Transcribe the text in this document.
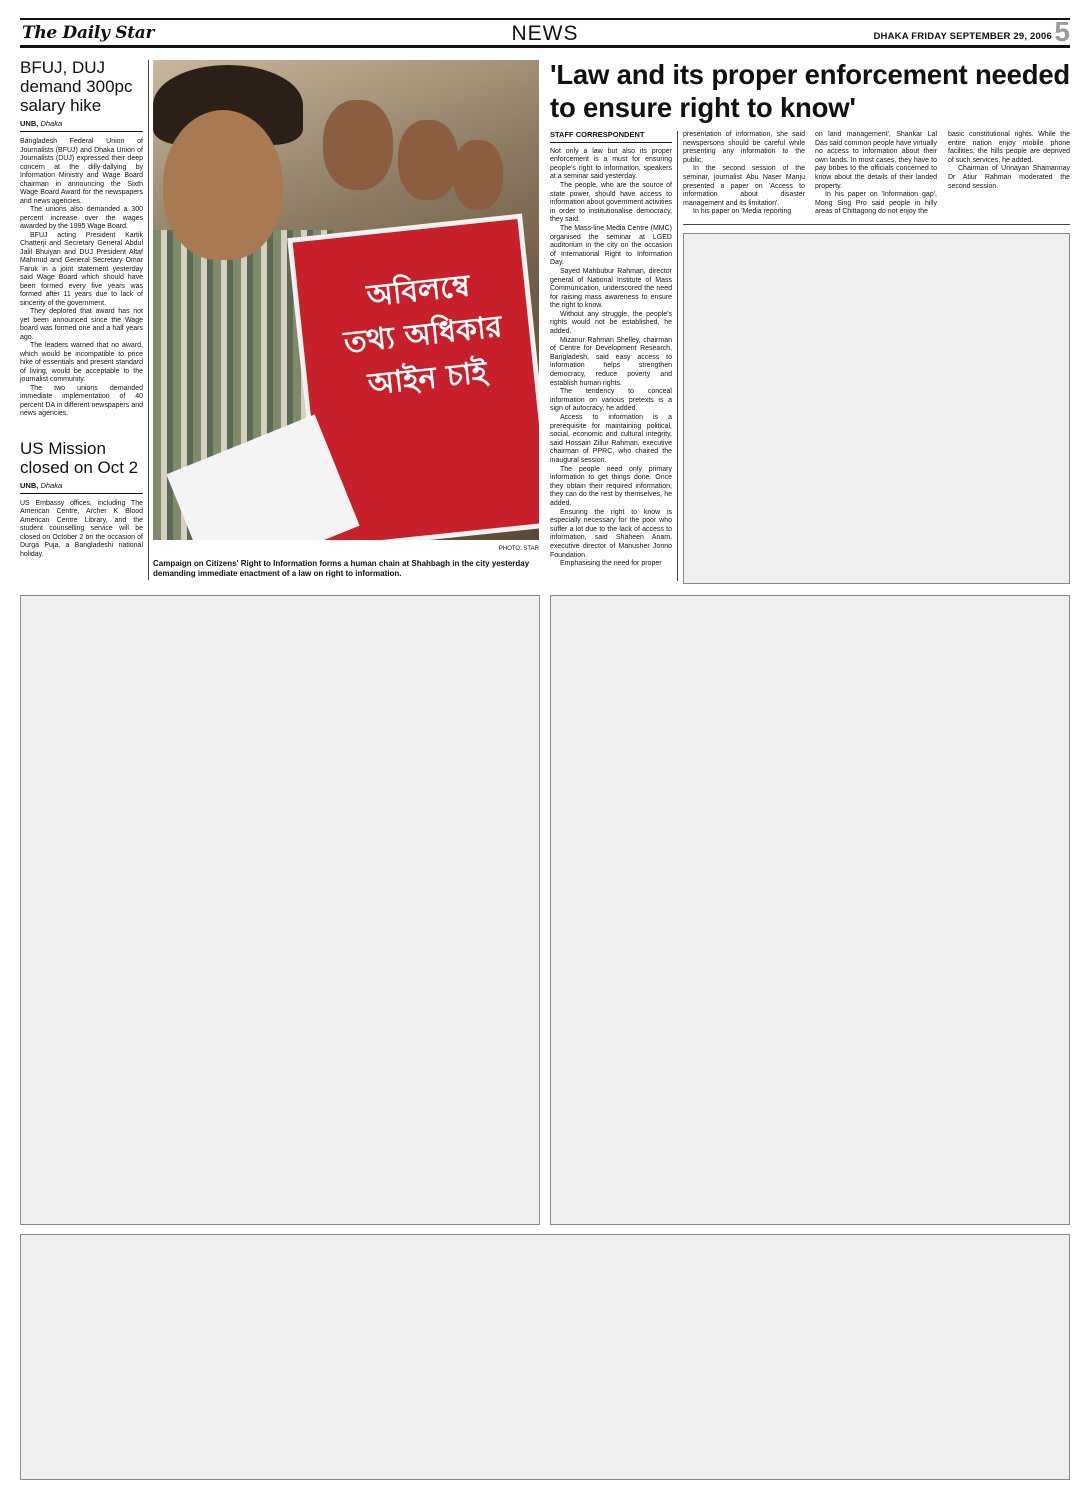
The Daily Star	NEWS	DHAKA FRIDAY SEPTEMBER 29, 2006 5
BFUJ, DUJ demand 300pc salary hike
UNB, Dhaka

Bangladesh Federal Union of Journalists (BFUJ) and Dhaka Union of Journalists (DUJ) expressed their deep concern at the dilly-dallying by Information Ministry and Wage Board chairman in announcing the Sixth Wage Board Award for the newspapers and news agencies.

The unions also demanded a 300 percent increase over the wages awarded by the 1995 Wage Board.

BFUJ acting President Kartik Chatterji and Secretary General Abdul Jalil Bhuiyan and DUJ President Altaf Mahmud and General Secretary Omar Faruk in a joint statement yesterday said Wage Board which should have been formed every five years was formed after 11 years due to lack of sincerity of the government.

They deplored that award has not yet been announced since the Wage board was formed one and a half years ago.

The leaders warned that no award, which would be incompatible to price hike of essentials and present standard of living, would be acceptable to the journalist community.

The two unions demanded immediate implementation of 40 percent DA in different newspapers and news agencies.

US Mission closed on Oct 2
UNB, Dhaka

US Embassy offices, including The American Centre, Archer K Blood American Centre Library, and the student counselling service will be closed on October 2 on the occasion of Durga Puja, a Bangladeshi national holiday.

অবিলম্বে তথ্য অধিকার আইন চাই
PHOTO: STAR
Campaign on Citizens' Right to Information forms a human chain at Shahbagh in the city yesterday demanding immediate enactment of a law on right to information.
'Law and its proper enforcement needed to ensure right to know'
STAFF CORRESPONDENT

Not only a law but also its proper enforcement is a must for ensuring people's right to information, speakers at a seminar said yesterday.

The people, who are the source of state power, should have access to information about government activities in order to institutionalise democracy, they said.

The Mass-line Media Centre (MMC) organised the seminar at LGED auditorium in the city on the occasion of International Right to Information Day.

Sayed Mahbubur Rahman, director general of National Institute of Mass Communication, underscored the need for raising mass awareness to ensure the right to know.

Without any struggle, the people's rights would not be established, he added.

Mizanur Rahman Shelley, chairman of Centre for Development Research, Bangladesh, said easy access to information helps strengthen democracy, reduce poverty and establish human rights.

The tendency to conceal information on various pretexts is a sign of autocracy, he added.

Access to information is a prerequisite for maintaining political, social, economic and cultural integrity, said Hossain Zillur Rahman, executive chairman of PPRC, who chaired the inaugural session.

The people need only primary information to get things done. Once they obtain their required information, they can do the rest by themselves, he added.

Ensuring the right to know is especially necessary for the poor who suffer a lot due to the lack of access to information, said Shaheen Anam, executive director of Manusher Jonno Foundation.

Emphasising the need for proper

presentation of information, she said newspersons should be careful while presenting any information to the public.

In the second session of the seminar, journalist Abu Naser Manju presented a paper on 'Access to information about disaster management and its limitation'.

In his paper on 'Media reporting

on land management', Shankar Lal Das said common people have virtually no access to information about their own lands. In most cases, they have to pay bribes to the officials concerned to know about the details of their landed property.

In his paper on 'Information gap', Mong Sing Pro said people in hilly areas of Chittagong do not enjoy the

basic constitutional rights. While the entire nation enjoy mobile phone facilities, the hills people are deprived of such services, he added.

Chairman of Unnayan Shamannay Dr Atiur Rahman moderated the second session.
